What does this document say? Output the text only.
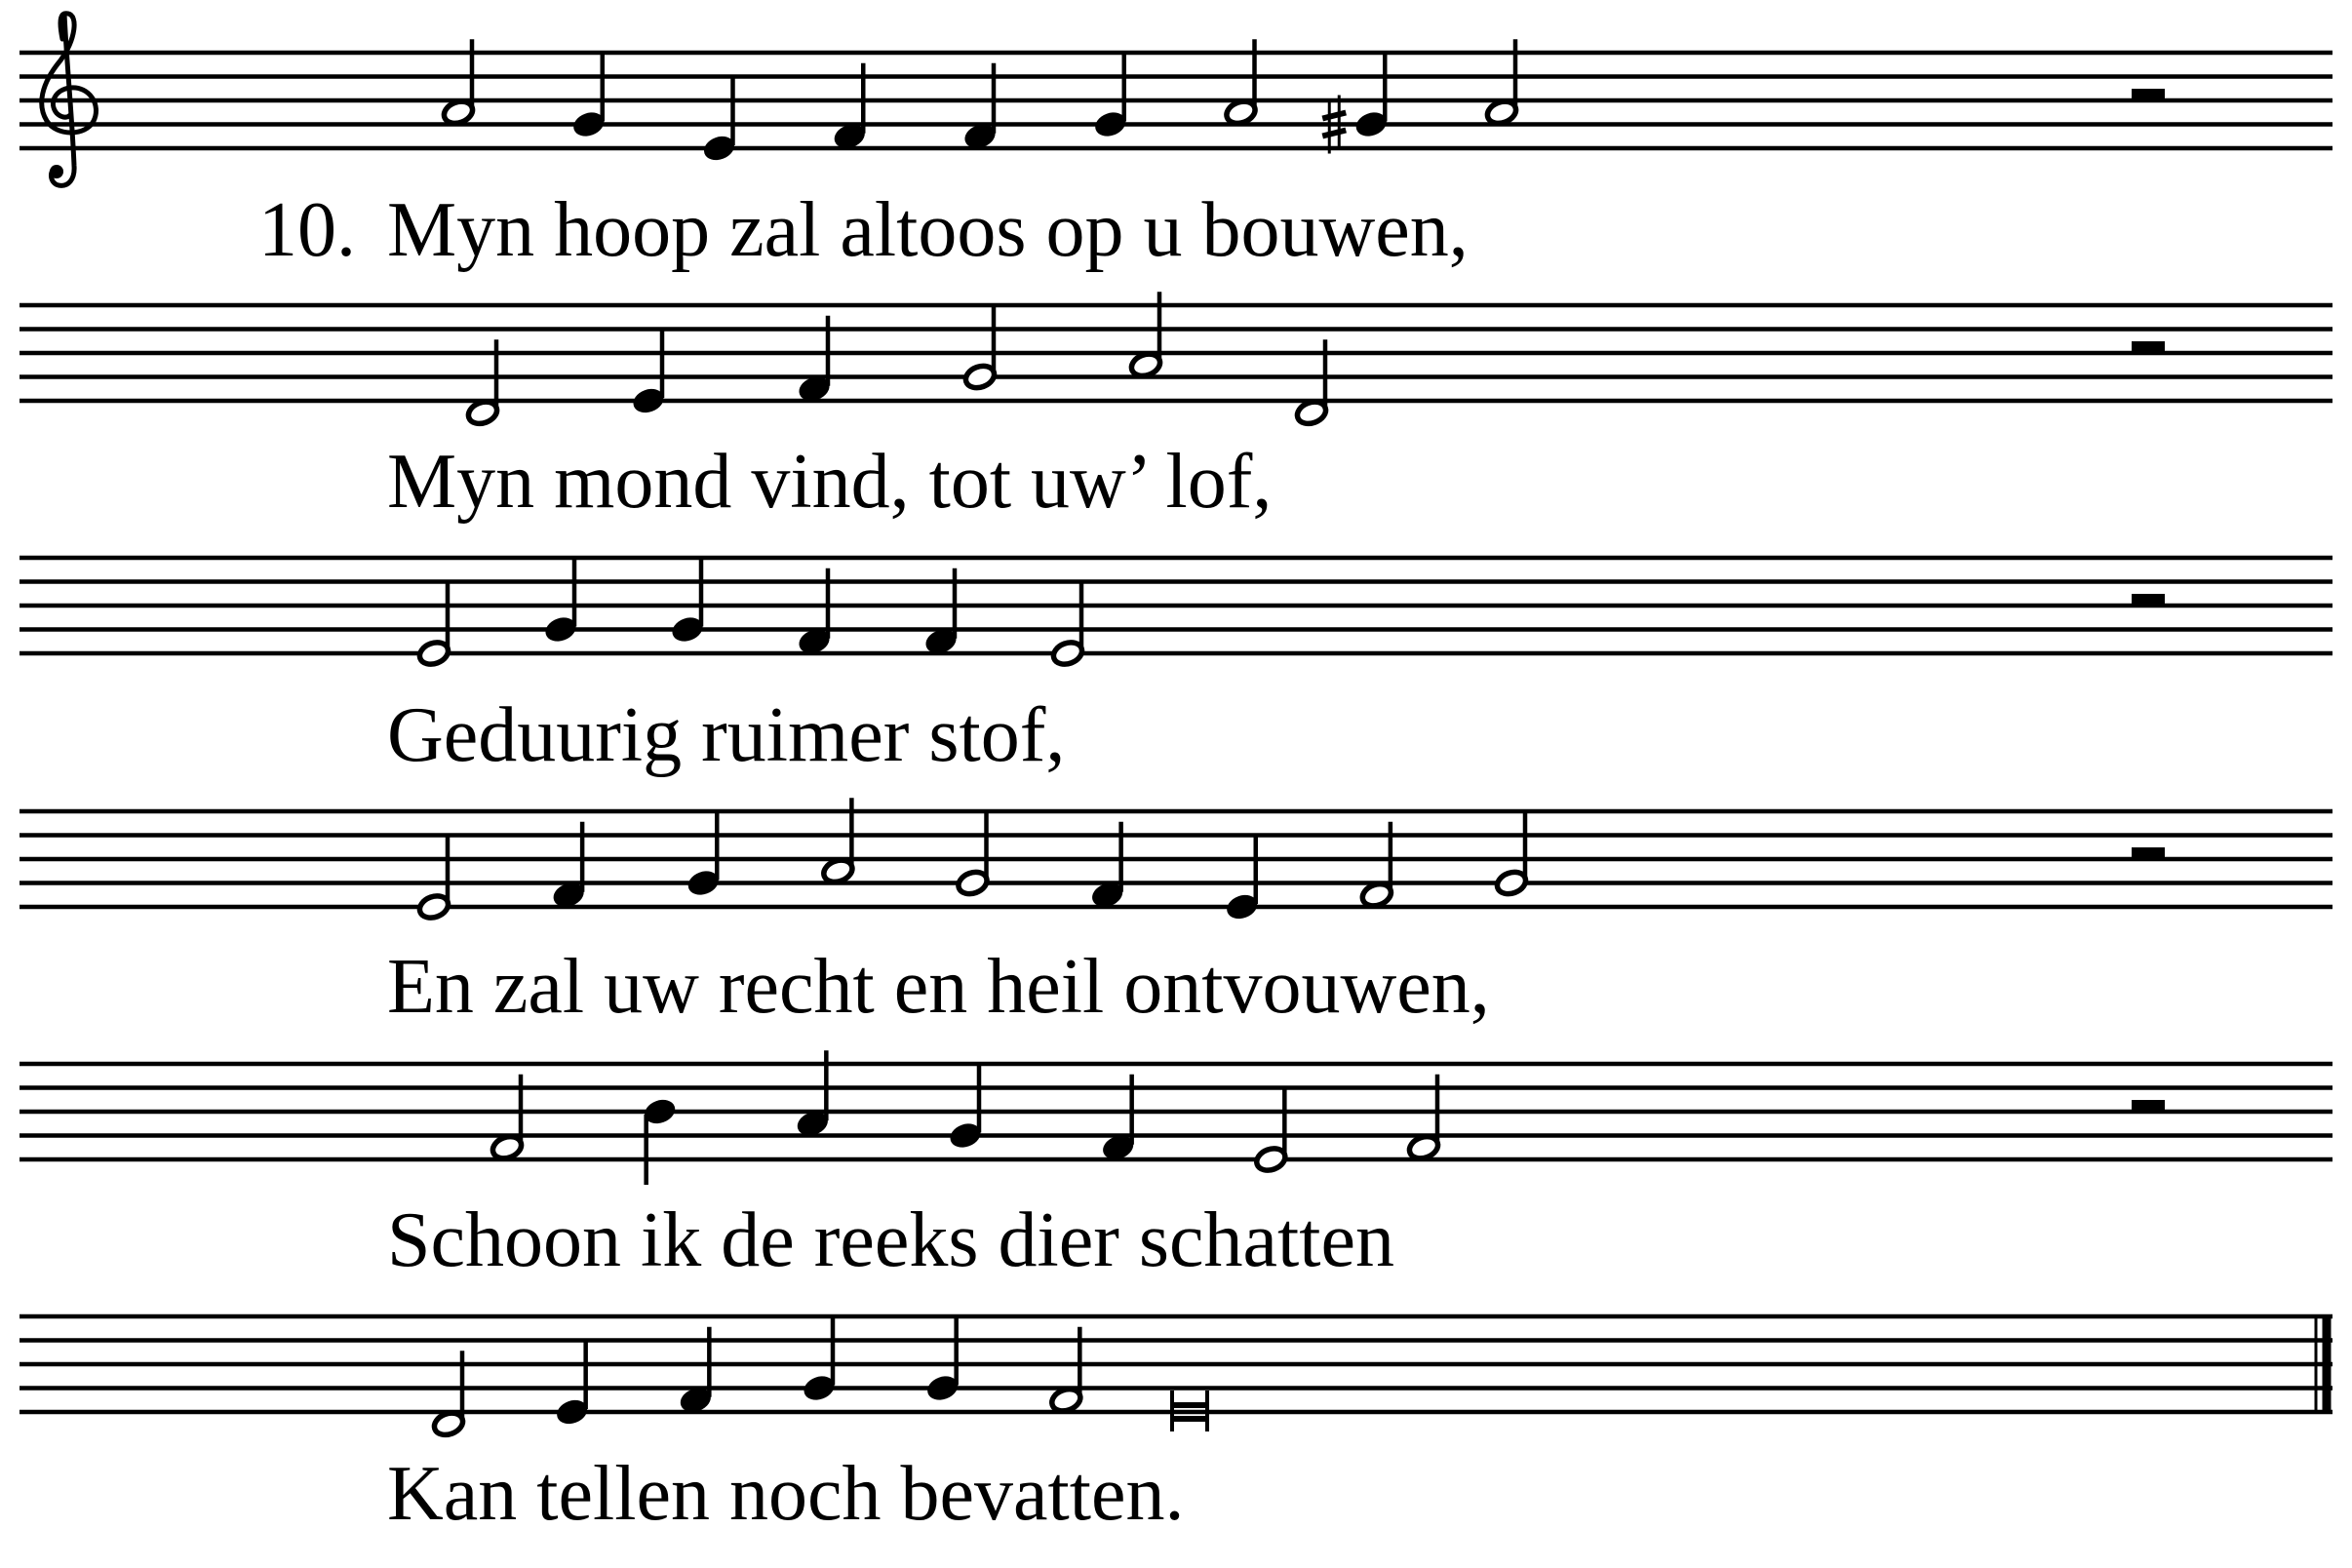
10. Myn hoop zal altoos op u bouwen,
Myn mond vind, tot uw’ lof,
Geduurig ruimer stof,
En zal uw recht en heil ontvouwen,
Schoon ik de reeks dier schatten
Kan tellen noch bevatten.
